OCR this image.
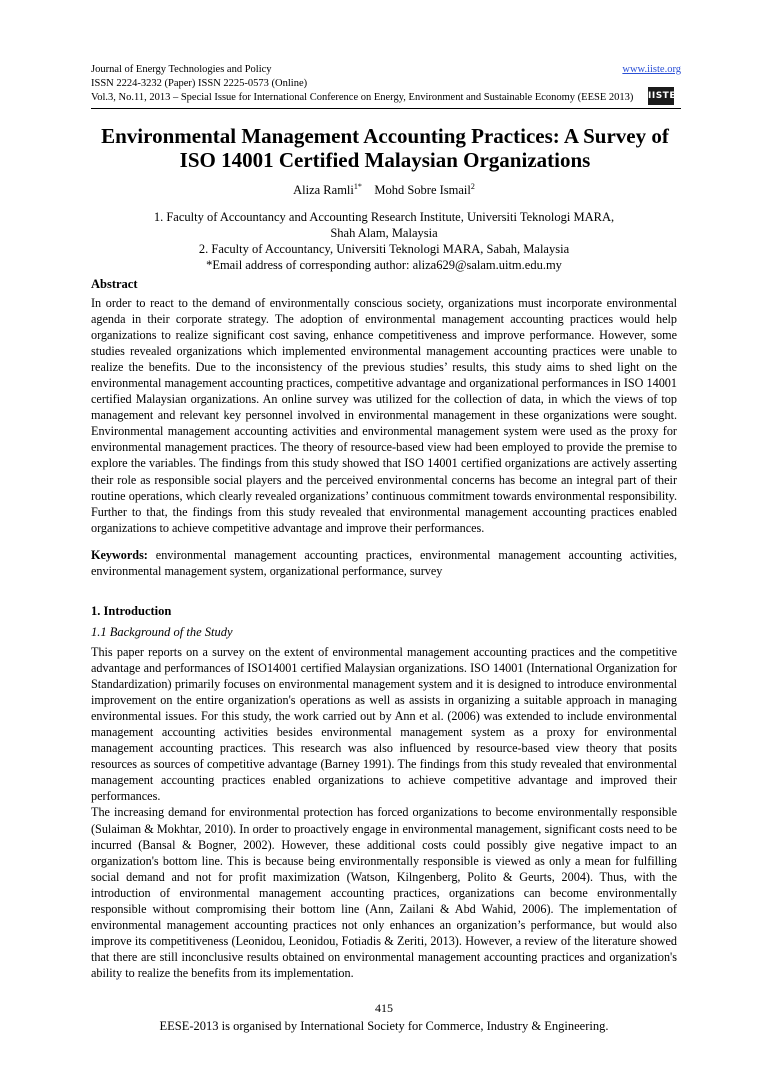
Journal of Energy Technologies and Policy	www.iiste.org
ISSN 2224-3232 (Paper) ISSN 2225-0573 (Online)
Vol.3, No.11, 2013 – Special Issue for International Conference on Energy, Environment and Sustainable Economy (EESE 2013)	IISTE
Environmental Management Accounting Practices: A Survey of
ISO 14001 Certified Malaysian Organizations
Aliza Ramli$^{1*}$ Mohd Sobre Ismail$^2$
1. Faculty of Accountancy and Accounting Research Institute, Universiti Teknologi MARA,
Shah Alam, Malaysia
2. Faculty of Accountancy, Universiti Teknologi MARA, Sabah, Malaysia
*Email address of corresponding author: aliza629@salam.uitm.edu.my
Abstract
In order to react to the demand of environmentally conscious society, organizations must incorporate environmental agenda in their corporate strategy. The adoption of environmental management accounting practices would help organizations to realize significant cost saving, enhance competitiveness and improve performance. However, some studies revealed organizations which implemented environmental management accounting practices were unable to realize the benefits. Due to the inconsistency of the previous studies’ results, this study aims to shed light on the environmental management accounting practices, competitive advantage and organizational performances in ISO 14001 certified Malaysian organizations. An online survey was utilized for the collection of data, in which the views of top management and relevant key personnel involved in environmental management in these organizations were sought. Environmental management accounting activities and environmental management system were used as the proxy for environmental management practices. The theory of resource-based view had been employed to provide the premise to explore the variables. The findings from this study showed that ISO 14001 certified organizations are actively asserting their role as responsible social players and the perceived environmental concerns has become an integral part of their routine operations, which clearly revealed organizations’ continuous commitment towards environmental responsibility. Further to that, the findings from this study revealed that environmental management accounting practices enabled organizations to achieve competitive advantage and improve their performances.
Keywords: environmental management accounting practices, environmental management accounting activities, environmental management system, organizational performance, survey
1. Introduction
1.1 Background of the Study
This paper reports on a survey on the extent of environmental management accounting practices and the competitive advantage and performances of ISO14001 certified Malaysian organizations. ISO 14001 (International Organization for Standardization) primarily focuses on environmental management system and it is designed to introduce environmental improvement on the entire organization's operations as well as assists in organizing a suitable approach in managing environmental issues. For this study, the work carried out by Ann et al. (2006) was extended to include environmental management accounting activities besides environmental management system as a proxy for environmental management accounting practices. This research was also influenced by resource-based view theory that posits resources as sources of competitive advantage (Barney 1991). The findings from this study revealed that environmental management accounting practices enabled organizations to achieve competitive advantage and improved their performances.
The increasing demand for environmental protection has forced organizations to become environmentally responsible (Sulaiman & Mokhtar, 2010). In order to proactively engage in environmental management, significant costs need to be incurred (Bansal & Bogner, 2002). However, these additional costs could possibly give negative impact to an organization's bottom line. This is because being environmentally responsible is viewed as only a mean for fulfilling social demand and not for profit maximization (Watson, Kilngenberg, Polito & Geurts, 2004). Thus, with the introduction of environmental management accounting practices, organizations can become environmentally responsible without compromising their bottom line (Ann, Zailani & Abd Wahid, 2006). The implementation of environmental management accounting practices not only enhances an organization’s performance, but would also improve its competitiveness (Leonidou, Leonidou, Fotiadis & Zeriti, 2013). However, a review of the literature showed that there are still inconclusive results obtained on environmental management accounting practices and organization's ability to realize the benefits from its implementation.
415
EESE-2013 is organised by International Society for Commerce, Industry & Engineering.
